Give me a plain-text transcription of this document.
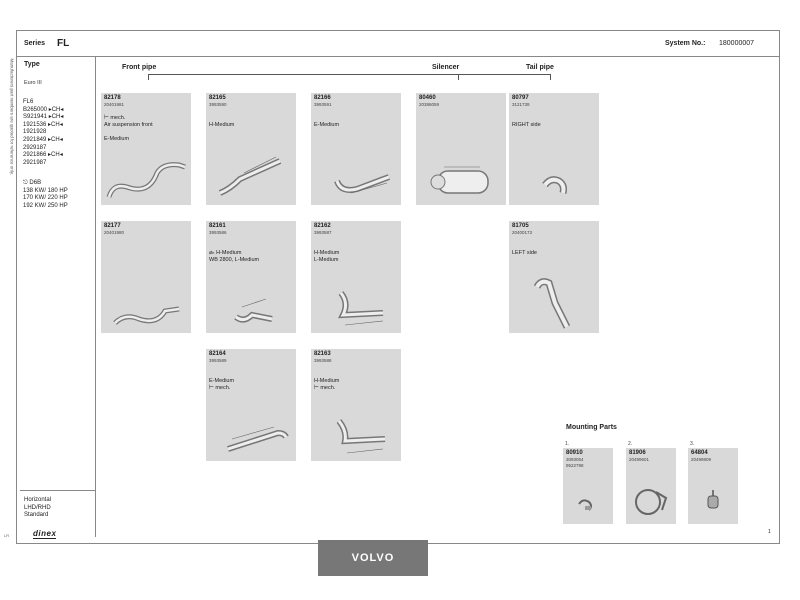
Series FL	System No.: 180000007
Manufacturers part numbers are quoted for reference only. Type
Euro III
FL6
B265000 ▸CH◂
S921941 ▸CH◂
1921536 ▸CH◂
1921928
2921849 ▸CH◂
2929187
2921866 ▸CH◂
2921987
⎋ D6B
138 KW/ 180 HP
170 KW/ 220 HP
192 KW/ 250 HP
Horizontal
LHD/RHD
Standard
dinex	1
LR
Front pipe	Silencer	Tail pipe
82178
20401981
⊢ mech.
Air suspension front

E-Medium
82165
3993590

H-Medium
82166
3993591

E-Medium
80460
20386059
80797
3121739

RIGHT side
82177
20401980
82161
3993586

⌀ₕ H-Medium
WB 2800, L-Medium
82162
3993587

H-Medium
L-Medium
81705
20400173

LEFT side
82164
3993589

E-Medium
⊢ mech.
82163
3993588

H-Medium
⊢ mech.
Mounting Parts
1.	2.	3.
80910
3093054
9522798
81906
20499601
64804
20499809
VOLVO
